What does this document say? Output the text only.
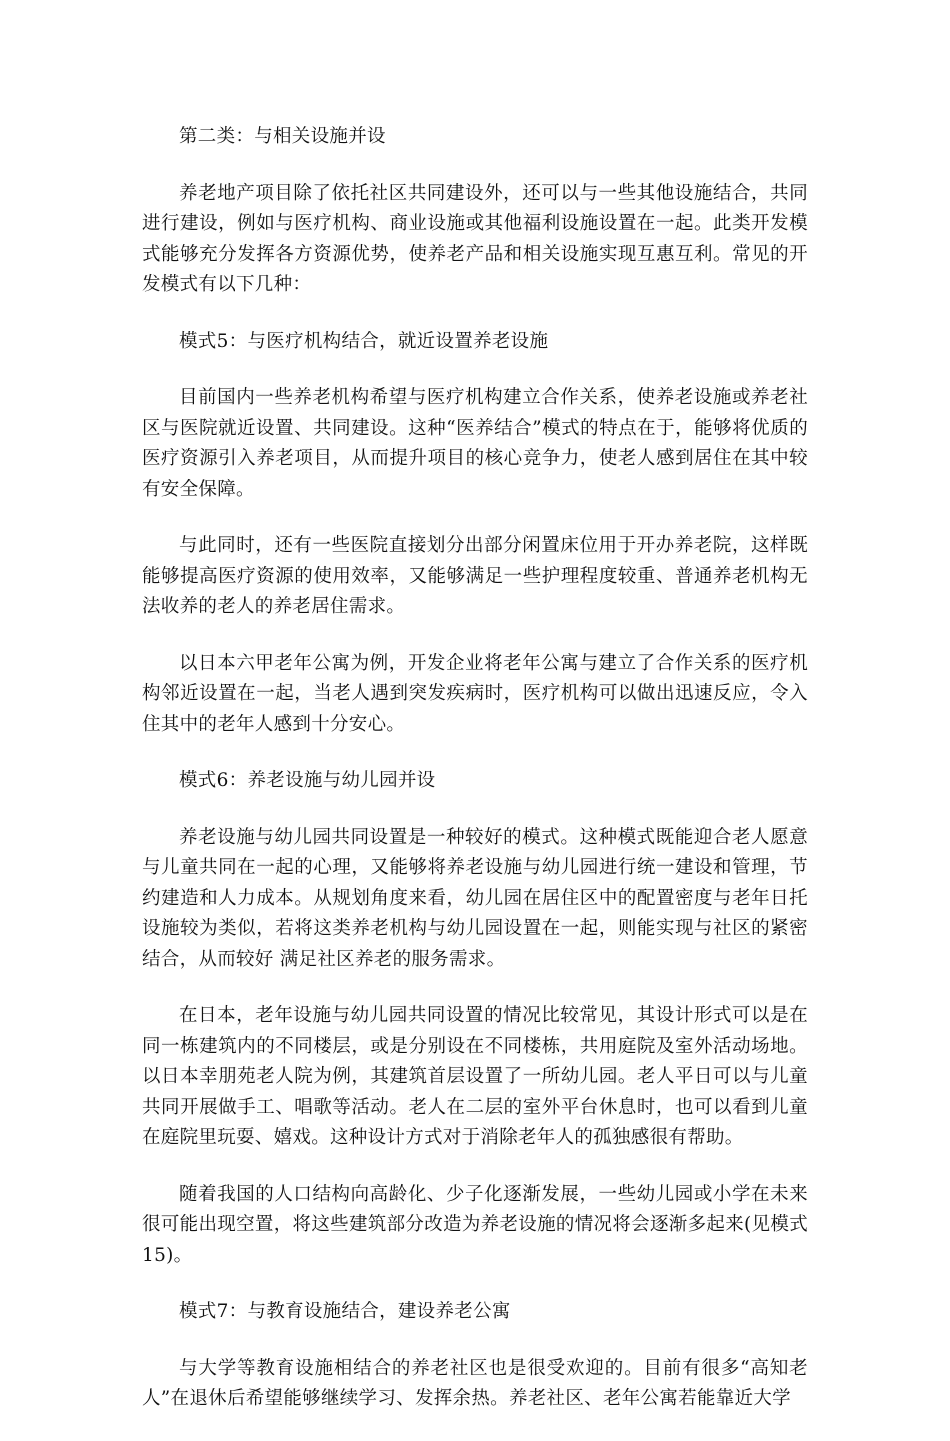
第二类：与相关设施并设

养老地产项目除了依托社区共同建设外，还可以与一些其他设施结合，共同进行建设，例如与医疗机构、商业设施或其他福利设施设置在一起。此类开发模式能够充分发挥各方资源优势，使养老产品和相关设施实现互惠互利。常见的开发模式有以下几种：

模式5：与医疗机构结合，就近设置养老设施

目前国内一些养老机构希望与医疗机构建立合作关系，使养老设施或养老社区与医院就近设置、共同建设。这种“医养结合”模式的特点在于，能够将优质的医疗资源引入养老项目，从而提升项目的核心竞争力，使老人感到居住在其中较有安全保障。

与此同时，还有一些医院直接划分出部分闲置床位用于开办养老院，这样既能够提高医疗资源的使用效率，又能够满足一些护理程度较重、普通养老机构无法收养的老人的养老居住需求。

以日本六甲老年公寓为例，开发企业将老年公寓与建立了合作关系的医疗机构邻近设置在一起，当老人遇到突发疾病时，医疗机构可以做出迅速反应，令入住其中的老年人感到十分安心。

模式6：养老设施与幼儿园并设

养老设施与幼儿园共同设置是一种较好的模式。这种模式既能迎合老人愿意与儿童共同在一起的心理，又能够将养老设施与幼儿园进行统一建设和管理，节约建造和人力成本。从规划角度来看，幼儿园在居住区中的配置密度与老年日托设施较为类似，若将这类养老机构与幼儿园设置在一起，则能实现与社区的紧密结合，从而较好 满足社区养老的服务需求。

在日本，老年设施与幼儿园共同设置的情况比较常见，其设计形式可以是在同一栋建筑内的不同楼层，或是分别设在不同楼栋，共用庭院及室外活动场地。以日本幸朋苑老人院为例，其建筑首层设置了一所幼儿园。老人平日可以与儿童共同开展做手工、唱歌等活动。老人在二层的室外平台休息时，也可以看到儿童在庭院里玩耍、嬉戏。这种设计方式对于消除老年人的孤独感很有帮助。

随着我国的人口结构向高龄化、少子化逐渐发展，一些幼儿园或小学在未来很可能出现空置，将这些建筑部分改造为养老设施的情况将会逐渐多起来(见模式15)。

模式7：与教育设施结合，建设养老公寓

与大学等教育设施相结合的养老社区也是很受欢迎的。目前有很多“高知老人”在退休后希望能够继续学习、发挥余热。养老社区、老年公寓若能靠近大学
